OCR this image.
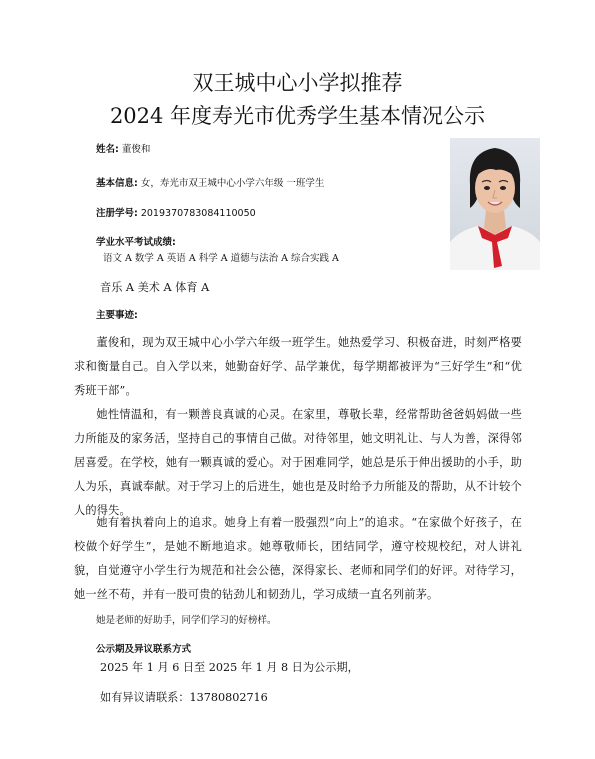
双王城中心小学拟推荐
2024 年度寿光市优秀学生基本情况公示
姓名: 董俊和
基本信息: 女，寿光市双王城中心小学六年级 一班学生
注册学号: 2019370783084110050
学业水平考试成绩:
语文 A 数学 A 英语 A 科学 A 道德与法治 A 综合实践 A
音乐 A 美术 A 体育 A
主要事迹:
董俊和，现为双王城中心小学六年级一班学生。她热爱学习、积极奋进，时刻严格要求和衡量自己。自入学以来，她勤奋好学、品学兼优，每学期都被评为“三好学生”和“优秀班干部”。
她性情温和，有一颗善良真诚的心灵。在家里，尊敬长辈，经常帮助爸爸妈妈做一些力所能及的家务活，坚持自己的事情自己做。对待邻里，她文明礼让、与人为善，深得邻居喜爱。在学校，她有一颗真诚的爱心。对于困难同学，她总是乐于伸出援助的小手，助人为乐，真诚奉献。对于学习上的后进生，她也是及时给予力所能及的帮助，从不计较个人的得失。
她有着执着向上的追求。她身上有着一股强烈“向上”的追求。“在家做个好孩子，在校做个好学生”，是她不断地追求。她尊敬师长，团结同学，遵守校规校纪，对人讲礼貌，自觉遵守小学生行为规范和社会公德，深得家长、老师和同学们的好评。对待学习，她一丝不苟，并有一股可贵的钻劲儿和韧劲儿，学习成绩一直名列前茅。
她是老师的好助手，同学们学习的好榜样。
公示期及异议联系方式
2025 年 1 月 6 日至 2025 年 1 月 8 日为公示期，
如有异议请联系：13780802716
